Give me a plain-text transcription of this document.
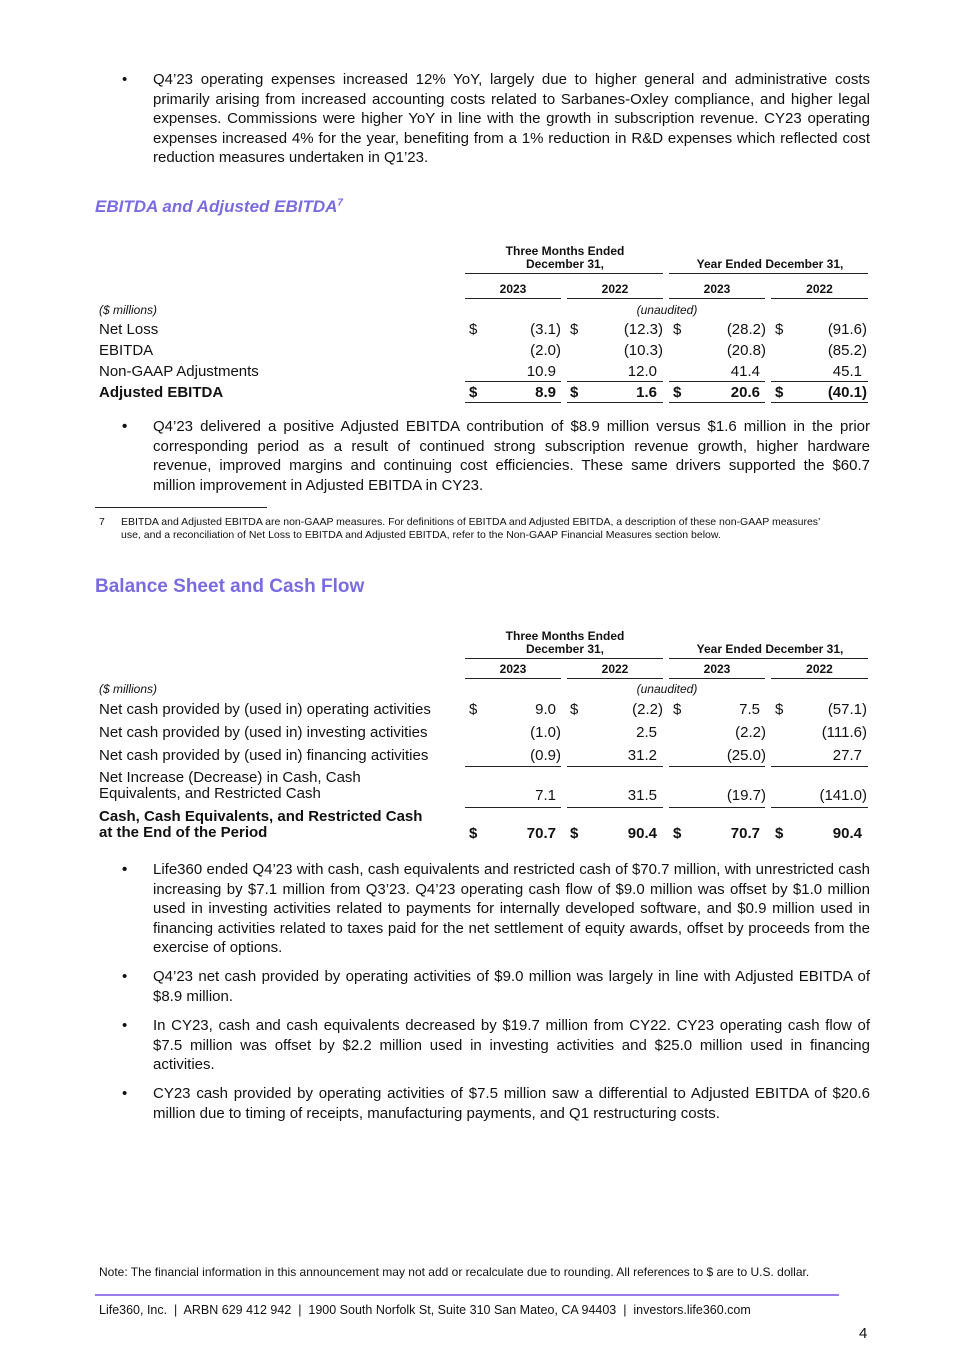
•	Q4’23 operating expenses increased 12% YoY, largely due to higher general and administrative costs primarily arising from increased accounting costs related to Sarbanes-Oxley compliance, and higher legal expenses. Commissions were higher YoY in line with the growth in subscription revenue. CY23 operating expenses increased 4% for the year, benefiting from a 1% reduction in R&D expenses which reflected cost reduction measures undertaken in Q1’23.
EBITDA and Adjusted EBITDA$^7$
Three Months Ended December 31,	Year Ended December 31,
2023	2022	2023	2022
($ millions)	(unaudited)
Net Loss	$	(3.1) $	(12.3) $	(28.2) $	(91.6)
EBITDA	(2.0)	(10.3)	(20.8)	(85.2)
Non-GAAP Adjustments	10.9	12.0	41.4	45.1
Adjusted EBITDA	$	8.9 $	1.6 $	20.6 $	(40.1)
•	Q4’23 delivered a positive Adjusted EBITDA contribution of $8.9 million versus $1.6 million in the prior corresponding period as a result of continued strong subscription revenue growth, higher hardware revenue, improved margins and continuing cost efficiencies. These same drivers supported the $60.7 million improvement in Adjusted EBITDA in CY23.
7 EBITDA and Adjusted EBITDA are non-GAAP measures. For definitions of EBITDA and Adjusted EBITDA, a description of these non-GAAP measures’ use, and a reconciliation of Net Loss to EBITDA and Adjusted EBITDA, refer to the Non-GAAP Financial Measures section below.
Balance Sheet and Cash Flow
Three Months Ended December 31,	Year Ended December 31,
2023	2022	2023	2022
($ millions)	(unaudited)
Net cash provided by (used in) operating activities	$	9.0 $	(2.2) $	7.5 $	(57.1)
Net cash provided by (used in) investing activities	(1.0)	2.5	(2.2)	(111.6)
Net cash provided by (used in) financing activities	(0.9)	31.2	(25.0)	27.7
Net Increase (Decrease) in Cash, Cash
Equivalents, and Restricted Cash	7.1	31.5	(19.7)	(141.0)
Cash, Cash Equivalents, and Restricted Cash
at the End of the Period	$	70.7 $	90.4 $	70.7 $	90.4
•	Life360 ended Q4’23 with cash, cash equivalents and restricted cash of $70.7 million, with unrestricted cash increasing by $7.1 million from Q3’23. Q4’23 operating cash flow of $9.0 million was offset by $1.0 million used in investing activities related to payments for internally developed software, and $0.9 million used in financing activities related to taxes paid for the net settlement of equity awards, offset by proceeds from the exercise of options.
•	Q4’23 net cash provided by operating activities of $9.0 million was largely in line with Adjusted EBITDA of $8.9 million.
•	In CY23, cash and cash equivalents decreased by $19.7 million from CY22. CY23 operating cash flow of $7.5 million was offset by $2.2 million used in investing activities and $25.0 million used in financing activities.
•	CY23 cash provided by operating activities of $7.5 million saw a differential to Adjusted EBITDA of $20.6 million due to timing of receipts, manufacturing payments, and Q1 restructuring costs.
Note: The financial information in this announcement may not add or recalculate due to rounding. All references to $ are to U.S. dollar.
Life360, Inc.  |  ARBN 629 412 942  |  1900 South Norfolk St, Suite 310 San Mateo, CA 94403  |  investors.life360.com
4
